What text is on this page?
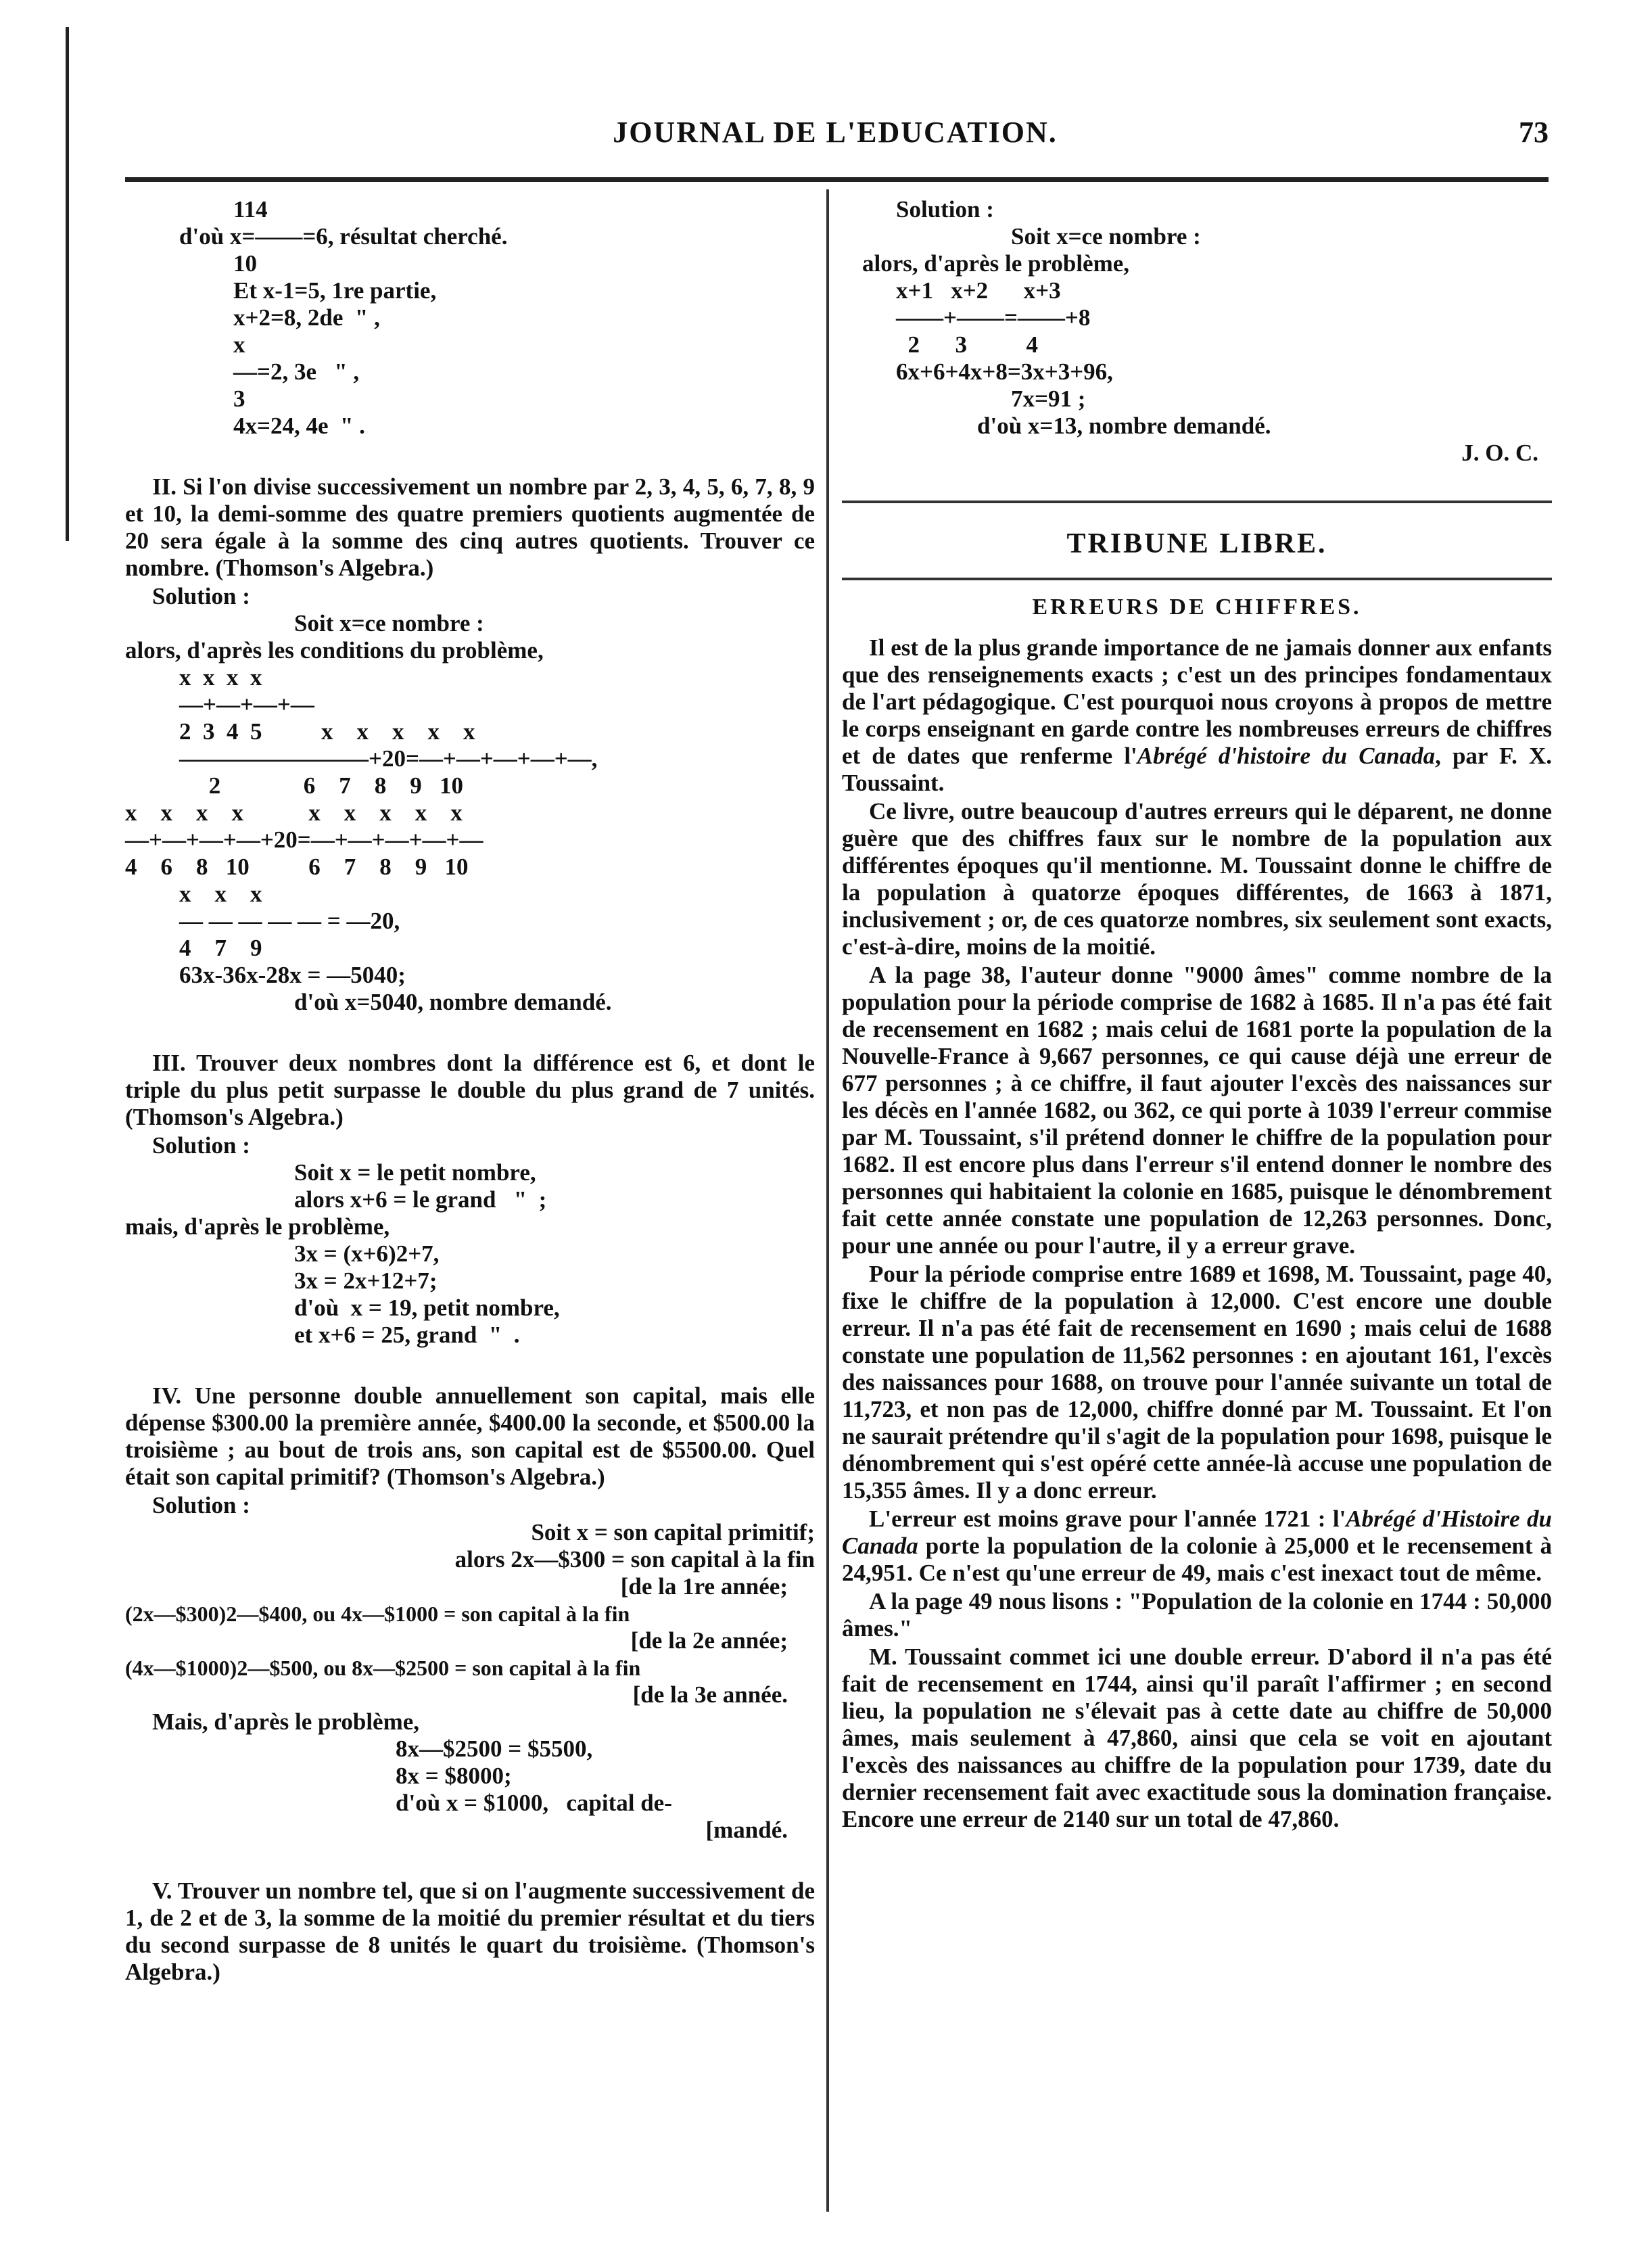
JOURNAL DE L'EDUCATION.	73
114
d'où x=——=6, résultat cherché.
10
Et x-1=5, 1re partie,
x+2=8, 2de  " ,
x
—=2, 3e   " ,
3
4x=24, 4e  " .

II. Si l'on divise successivement un nombre par 2, 3, 4, 5, 6, 7, 8, 9 et 10, la demi-somme des quatre premiers quotients augmentée de 20 sera égale à la somme des cinq autres quotients. Trouver ce nombre. (Thomson's Algebra.)

Solution :
Soit x=ce nombre :
alors, d'après les conditions du problème,
x  x  x  x
—+—+—+—
2  3  4  5          x    x    x    x    x
————————+20=—+—+—+—+—,
2              6    7    8    9   10
x    x    x    x           x    x    x    x    x
—+—+—+—+20=—+—+—+—+—
4    6    8   10          6    7    8    9   10
x    x    x
— — — — — = —20,
4    7    9
63x-36x-28x = —5040;
d'où x=5040, nombre demandé.

III. Trouver deux nombres dont la différence est 6, et dont le triple du plus petit surpasse le double du plus grand de 7 unités. (Thomson's Algebra.)

Solution :
Soit x = le petit nombre,
alors x+6 = le grand   "  ;
mais, d'après le problème,
3x = (x+6)2+7,
3x = 2x+12+7;
d'où  x = 19, petit nombre,
et x+6 = 25, grand  "  .

IV. Une personne double annuellement son capital, mais elle dépense $300.00 la première année, $400.00 la seconde, et $500.00 la troisième ; au bout de trois ans, son capital est de $5500.00. Quel était son capital primitif? (Thomson's Algebra.)

Solution :
Soit x = son capital primitif;
alors 2x—$300 = son capital à la fin
[de la 1re année;
(2x—$300)2—$400, ou 4x—$1000 = son capital à la fin
[de la 2e année;
(4x—$1000)2—$500, ou 8x—$2500 = son capital à la fin
[de la 3e année.
Mais, d'après le problème,
8x—$2500 = $5500,
8x = $8000;
d'où x = $1000,   capital de-
[mandé.

V. Trouver un nombre tel, que si on l'augmente successivement de 1, de 2 et de 3, la somme de la moitié du premier résultat et du tiers du second surpasse de 8 unités le quart du troisième. (Thomson's Algebra.)

Solution :
Soit x=ce nombre :
alors, d'après le problème,
x+1   x+2      x+3
——+——=——+8
2      3          4
6x+6+4x+8=3x+3+96,
7x=91 ;
d'où x=13, nombre demandé.
J. O. C.
TRIBUNE LIBRE.
ERREURS DE CHIFFRES.

Il est de la plus grande importance de ne jamais donner aux enfants que des renseignements exacts ; c'est un des principes fondamentaux de l'art pédagogique. C'est pourquoi nous croyons à propos de mettre le corps enseignant en garde contre les nombreuses erreurs de chiffres et de dates que renferme l'Abrégé d'histoire du Canada, par F. X. Toussaint.

Ce livre, outre beaucoup d'autres erreurs qui le déparent, ne donne guère que des chiffres faux sur le nombre de la population aux différentes époques qu'il mentionne. M. Toussaint donne le chiffre de la population à quatorze époques différentes, de 1663 à 1871, inclusivement ; or, de ces quatorze nombres, six seulement sont exacts, c'est-à-dire, moins de la moitié.

A la page 38, l'auteur donne "9000 âmes" comme nombre de la population pour la période comprise de 1682 à 1685. Il n'a pas été fait de recensement en 1682 ; mais celui de 1681 porte la population de la Nouvelle-France à 9,667 personnes, ce qui cause déjà une erreur de 677 personnes ; à ce chiffre, il faut ajouter l'excès des naissances sur les décès en l'année 1682, ou 362, ce qui porte à 1039 l'erreur commise par M. Toussaint, s'il prétend donner le chiffre de la population pour 1682. Il est encore plus dans l'erreur s'il entend donner le nombre des personnes qui habitaient la colonie en 1685, puisque le dénombrement fait cette année constate une population de 12,263 personnes. Donc, pour une année ou pour l'autre, il y a erreur grave.

Pour la période comprise entre 1689 et 1698, M. Toussaint, page 40, fixe le chiffre de la population à 12,000. C'est encore une double erreur. Il n'a pas été fait de recensement en 1690 ; mais celui de 1688 constate une population de 11,562 personnes : en ajoutant 161, l'excès des naissances pour 1688, on trouve pour l'année suivante un total de 11,723, et non pas de 12,000, chiffre donné par M. Toussaint. Et l'on ne saurait prétendre qu'il s'agit de la population pour 1698, puisque le dénombrement qui s'est opéré cette année-là accuse une population de 15,355 âmes. Il y a donc erreur.

L'erreur est moins grave pour l'année 1721 : l'Abrégé d'Histoire du Canada porte la population de la colonie à 25,000 et le recensement à 24,951. Ce n'est qu'une erreur de 49, mais c'est inexact tout de même.

A la page 49 nous lisons : "Population de la colonie en 1744 : 50,000 âmes."

M. Toussaint commet ici une double erreur. D'abord il n'a pas été fait de recensement en 1744, ainsi qu'il paraît l'affirmer ; en second lieu, la population ne s'élevait pas à cette date au chiffre de 50,000 âmes, mais seulement à 47,860, ainsi que cela se voit en ajoutant l'excès des naissances au chiffre de la population pour 1739, date du dernier recensement fait avec exactitude sous la domination française. Encore une erreur de 2140 sur un total de 47,860.
